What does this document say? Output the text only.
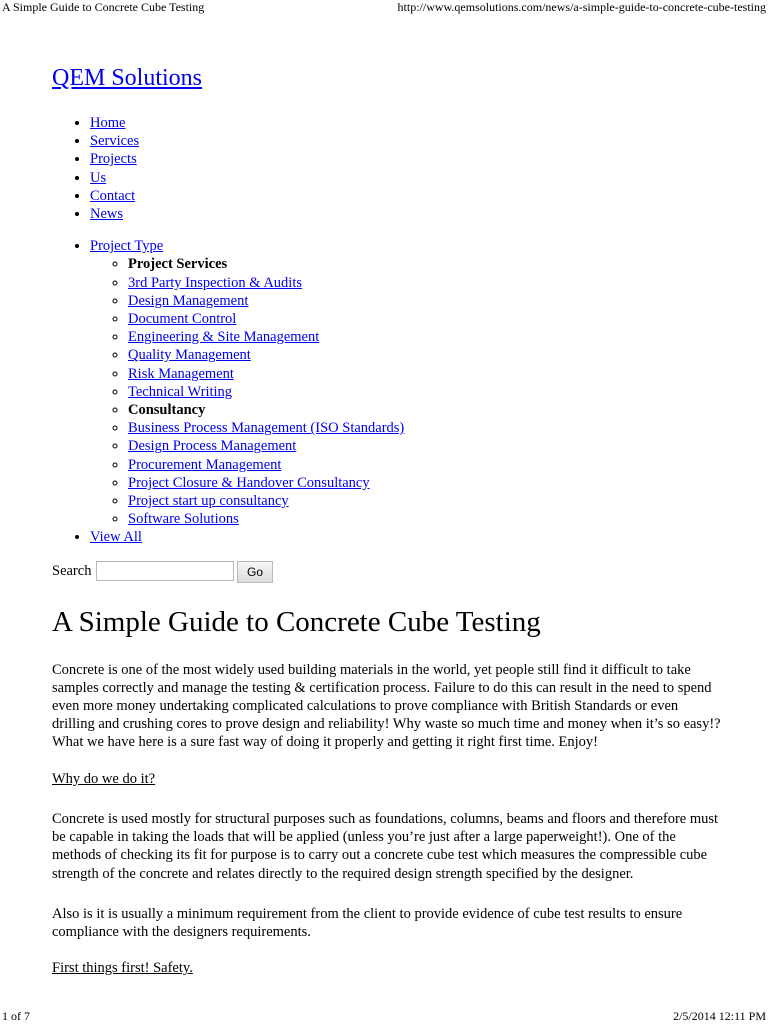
A Simple Guide to Concrete Cube Testing	http://www.qemsolutions.com/news/a-simple-guide-to-concrete-cube-testing
QEM Solutions
• Home
• Services
• Projects
• Us
• Contact
• News
• Project Type
◦ Project Services
◦ 3rd Party Inspection & Audits
◦ Design Management
◦ Document Control
◦ Engineering & Site Management
◦ Quality Management
◦ Risk Management
◦ Technical Writing
◦ Consultancy
◦ Business Process Management (ISO Standards)
◦ Design Process Management
◦ Procurement Management
◦ Project Closure & Handover Consultancy
◦ Project start up consultancy
◦ Software Solutions
• View All
Search	Go
A Simple Guide to Concrete Cube Testing

Concrete is one of the most widely used building materials in the world, yet people still find it difficult to take samples correctly and manage the testing & certification process. Failure to do this can result in the need to spend even more money undertaking complicated calculations to prove compliance with British Standards or even drilling and crushing cores to prove design and reliability! Why waste so much time and money when it’s so easy!? What we have here is a sure fast way of doing it properly and getting it right first time. Enjoy!

Why do we do it?

Concrete is used mostly for structural purposes such as foundations, columns, beams and floors and therefore must be capable in taking the loads that will be applied (unless you’re just after a large paperweight!). One of the methods of checking its fit for purpose is to carry out a concrete cube test which measures the compressible cube strength of the concrete and relates directly to the required design strength specified by the designer.

Also is it is usually a minimum requirement from the client to provide evidence of cube test results to ensure compliance with the designers requirements.

First things first! Safety.

1 of 7	2/5/2014 12:11 PM
